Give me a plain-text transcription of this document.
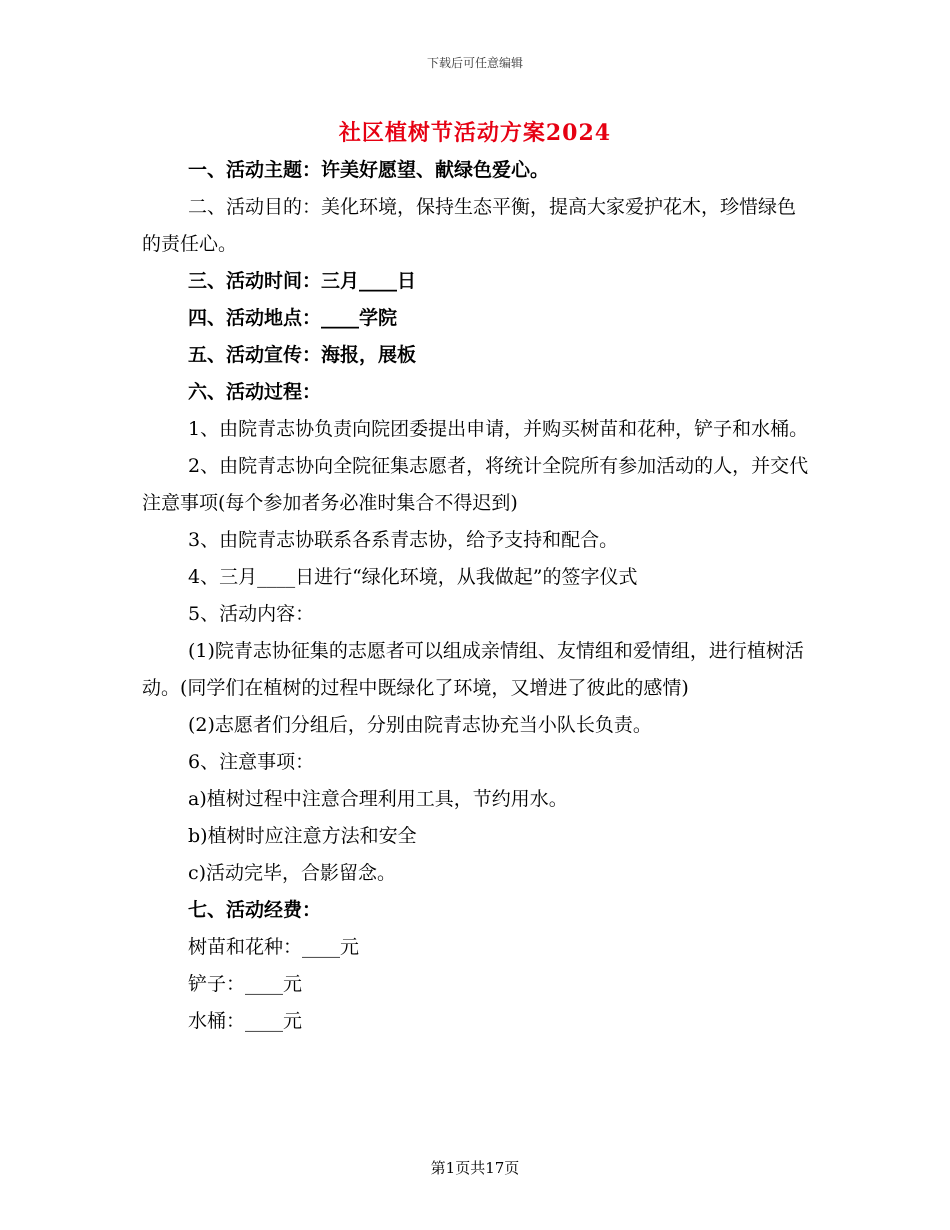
下载后可任意编辑
社区植树节活动方案2024

一、活动主题：许美好愿望、献绿色爱心。

二、活动目的：美化环境，保持生态平衡，提高大家爱护花木，珍惜绿色的责任心。

三、活动时间：三月____日

四、活动地点：____学院

五、活动宣传：海报，展板

六、活动过程：

1、由院青志协负责向院团委提出申请，并购买树苗和花种，铲子和水桶。

2、由院青志协向全院征集志愿者，将统计全院所有参加活动的人，并交代注意事项(每个参加者务必准时集合不得迟到)

3、由院青志协联系各系青志协，给予支持和配合。

4、三月____日进行“绿化环境，从我做起”的签字仪式

5、活动内容：

(1)院青志协征集的志愿者可以组成亲情组、友情组和爱情组，进行植树活动。(同学们在植树的过程中既绿化了环境，又增进了彼此的感情)

(2)志愿者们分组后，分别由院青志协充当小队长负责。

6、注意事项：

a)植树过程中注意合理利用工具，节约用水。

b)植树时应注意方法和安全

c)活动完毕，合影留念。

七、活动经费：

树苗和花种：____元

铲子：____元

水桶：____元

第1页共17页
